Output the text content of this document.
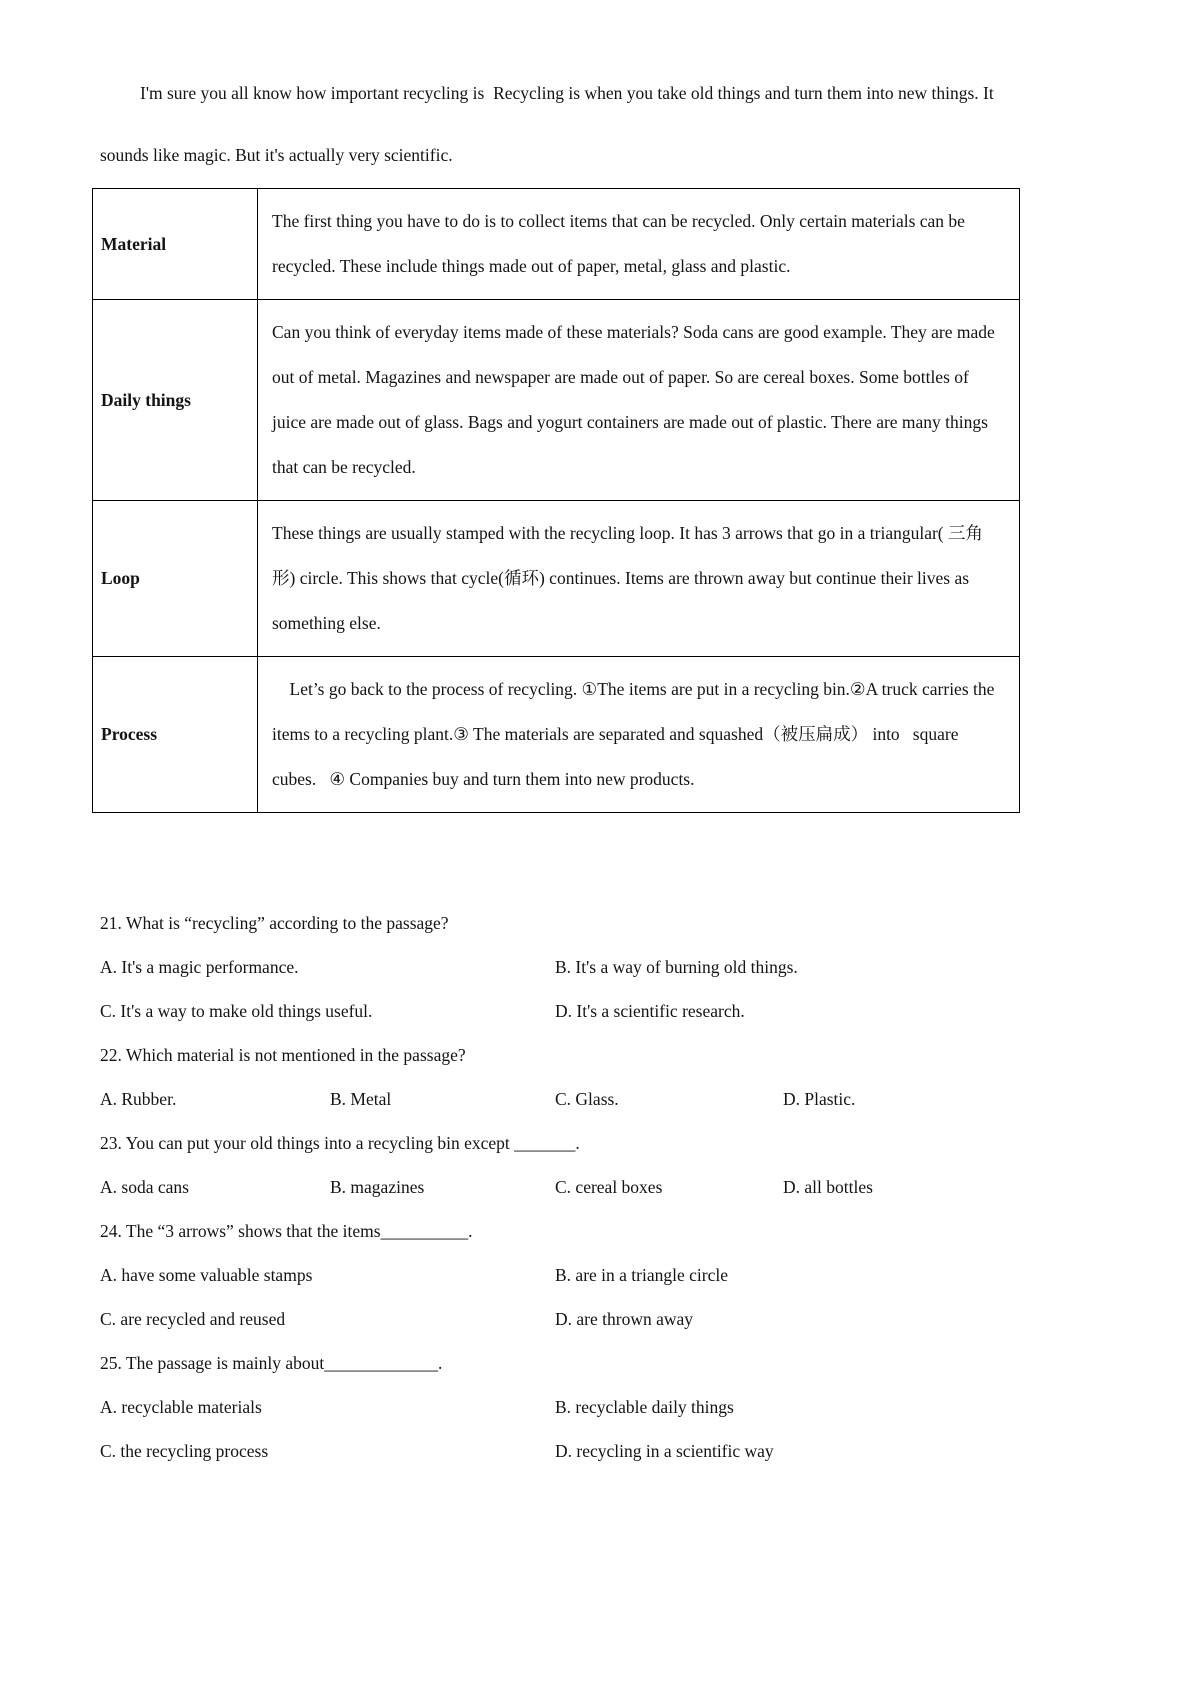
I'm sure you all know how important recycling is  Recycling is when you take old things and turn them into new things. It sounds like magic. But it's actually very scientific.

Material	The first thing you have to do is to collect items that can be recycled. Only certain materials can be recycled. These include things made out of paper, metal, glass and plastic.
Daily things	Can you think of everyday items made of these materials? Soda cans are good example. They are made out of metal. Magazines and newspaper are made out of paper. So are cereal boxes. Some bottles of juice are made out of glass. Bags and yogurt containers are made out of plastic. There are many things that can be recycled.
Loop	These things are usually stamped with the recycling loop. It has 3 arrows that go in a triangular( 三角形) circle. This shows that cycle(循环) continues. Items are thrown away but continue their lives as something else.
Process	Let’s go back to the process of recycling. ①The items are put in a recycling bin.②A truck carries the items to a recycling plant.③ The materials are separated and squashed（被压扁成） into   square   cubes.   ④ Companies buy and turn them into new products.

21. What is “recycling” according to the passage?

A. It's a magic performance.	B. It's a way of burning old things.
C. It's a way to make old things useful.	D. It's a scientific research.

22. Which material is not mentioned in the passage?

A. Rubber.	B. Metal	C. Glass.	D. Plastic.

23. You can put your old things into a recycling bin except _______.

A. soda cans	B. magazines	C. cereal boxes	D. all bottles

24. The “3 arrows” shows that the items__________.

A. have some valuable stamps	B. are in a triangle circle
C. are recycled and reused	D. are thrown away

25. The passage is mainly about_____________.

A. recyclable materials	B. recyclable daily things
C. the recycling process	D. recycling in a scientific way
